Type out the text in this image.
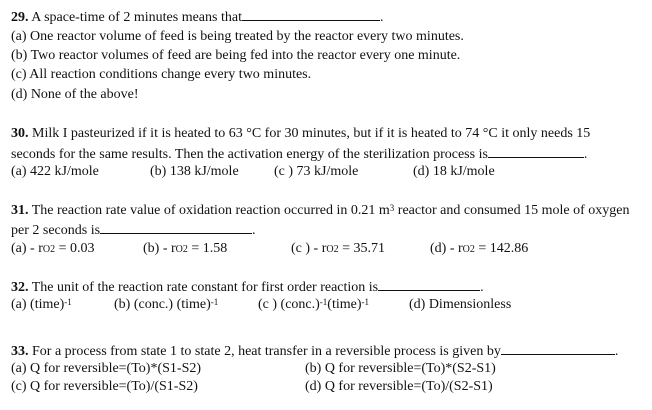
29. A space-time of 2 minutes means that	.
(a) One reactor volume of feed is being treated by the reactor every two minutes.
(b) Two reactor volumes of feed are being fed into the reactor every one minute.
(c) All reaction conditions change every two minutes.
(d) None of the above!
30. Milk I pasteurized if it is heated to 63 °C for 30 minutes, but if it is heated to 74 °C it only needs 15
seconds for the same results. Then the activation energy of the sterilization process is	.
(a) 422 kJ/mole	(b) 138 kJ/mole	(c ) 73 kJ/mole	(d) 18 kJ/mole
31. The reaction rate value of oxidation reaction occurred in 0.21 $m^3$ reactor and consumed 15 mole of oxygen
per 2 seconds is	.
(a) - rO2 = 0.03	(b) - rO2 = 1.58	(c ) - rO2 = 35.71	(d) - rO2 = 142.86
32. The unit of the reaction rate constant for first order reaction is	.
(a) (time)$^{-1}$	(b) (conc.) (time)$^{-1}$	(c ) (conc.)$^{-1}$(time)$^{-1}$	(d) Dimensionless
33. For a process from state 1 to state 2, heat transfer in a reversible process is given by	.
(a) Q for reversible=(To)*(S1-S2)	(b) Q for reversible=(To)*(S2-S1)
(c) Q for reversible=(To)/(S1-S2)	(d) Q for reversible=(To)/(S2-S1)
